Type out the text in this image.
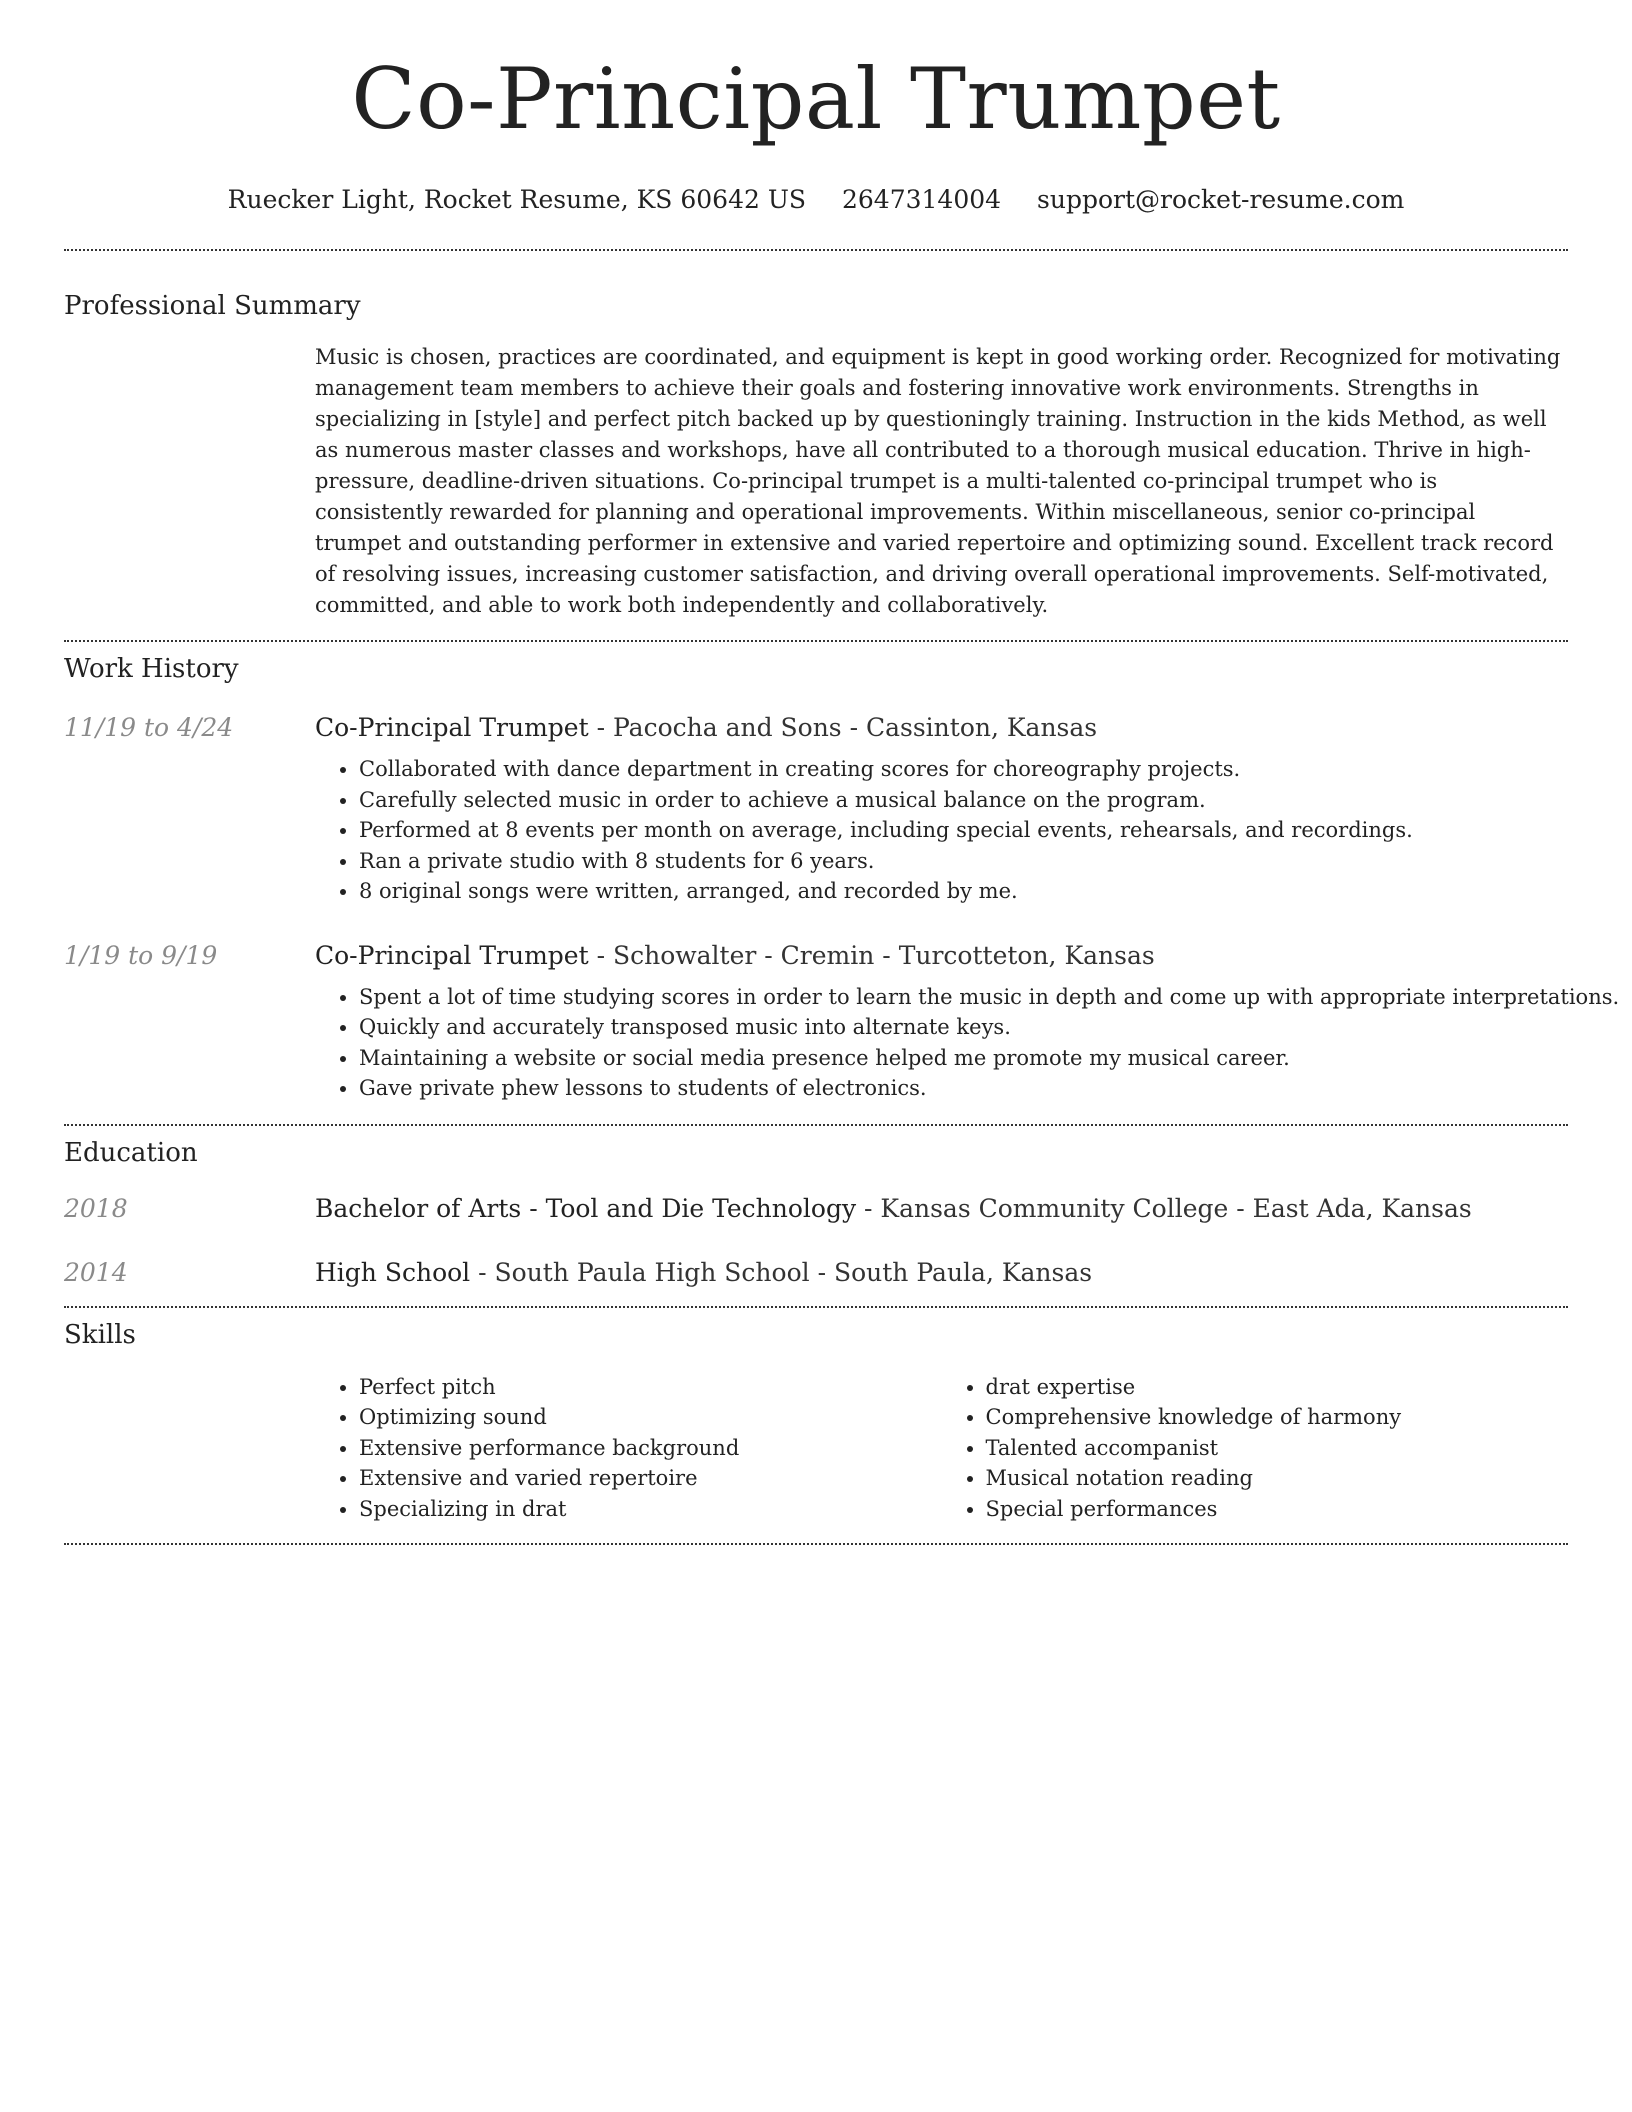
Co-Principal Trumpet
Ruecker Light, Rocket Resume, KS 60642 US 2647314004 support@rocket-resume.com
Professional Summary
Music is chosen, practices are coordinated, and equipment is kept in good working order. Recognized for motivating management team members to achieve their goals and fostering innovative work environments. Strengths in specializing in [style] and perfect pitch backed up by questioningly training. Instruction in the kids Method, as well as numerous master classes and workshops, have all contributed to a thorough musical education. Thrive in high-pressure, deadline-driven situations. Co-principal trumpet is a multi-talented co-principal trumpet who is consistently rewarded for planning and operational improvements. Within miscellaneous, senior co-principal trumpet and outstanding performer in extensive and varied repertoire and optimizing sound. Excellent track record of resolving issues, increasing customer satisfaction, and driving overall operational improvements. Self-motivated, committed, and able to work both independently and collaboratively.
Work History
11/19 to 4/24	Co-Principal Trumpet - Pacocha and Sons - Cassinton, Kansas
• Collaborated with dance department in creating scores for choreography projects.
• Carefully selected music in order to achieve a musical balance on the program.
• Performed at 8 events per month on average, including special events, rehearsals, and recordings.
• Ran a private studio with 8 students for 6 years.
• 8 original songs were written, arranged, and recorded by me.
1/19 to 9/19	Co-Principal Trumpet - Schowalter - Cremin - Turcotteton, Kansas
• Spent a lot of time studying scores in order to learn the music in depth and come up with appropriate interpretations.
• Quickly and accurately transposed music into alternate keys.
• Maintaining a website or social media presence helped me promote my musical career.
• Gave private phew lessons to students of electronics.
Education
2018	Bachelor of Arts - Tool and Die Technology - Kansas Community College - East Ada, Kansas
2014	High School - South Paula High School - South Paula, Kansas
Skills
• Perfect pitch
• Optimizing sound
• Extensive performance background
• Extensive and varied repertoire
• Specializing in drat
• drat expertise
• Comprehensive knowledge of harmony
• Talented accompanist
• Musical notation reading
• Special performances
